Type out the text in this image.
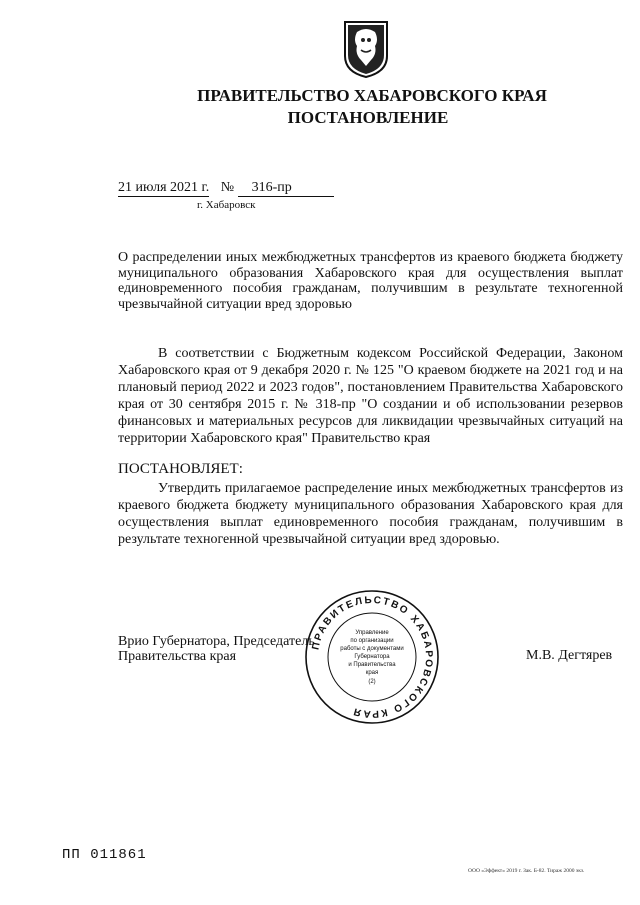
ПРАВИТЕЛЬСТВО ХАБАРОВСКОГО КРАЯ
ПОСТАНОВЛЕНИЕ
21 июля 2021 г. № 316-пр
г. Хабаровск
О распределении иных межбюджетных трансфертов из краевого бюджета бюджету муниципального образования Хабаровского края для осуществления выплат единовременного пособия гражданам, получившим в результате техногенной чрезвычайной ситуации вред здоровью
В соответствии с Бюджетным кодексом Российской Федерации, Законом Хабаровского края от 9 декабря 2020 г. № 125 "О краевом бюджете на 2021 год и на плановый период 2022 и 2023 годов", постановлением Правительства Хабаровского края от 30 сентября 2015 г. № 318-пр "О создании и об использовании резервов финансовых и материальных ресурсов для ликвидации чрезвычайных ситуаций на территории Хабаровского края" Правительство края
ПОСТАНОВЛЯЕТ:
Утвердить прилагаемое распределение иных межбюджетных трансфертов из краевого бюджета бюджету муниципального образования Хабаровского края для осуществления выплат единовременного пособия гражданам, получившим в результате техногенной чрезвычайной ситуации вред здоровью.
ПРАВИТЕЛЬСТВО ХАБАРОВСКОГО КРАЯ
Управление
по организации
работы с документами
Губернатора
и Правительства
края
(2)
Врио Губернатора, Председатель
Правительства края	М.В. Дегтярев
ПП 011861
ООО «Эффект» 2019 г. Зак. Б-82. Тираж 2000 экз.
